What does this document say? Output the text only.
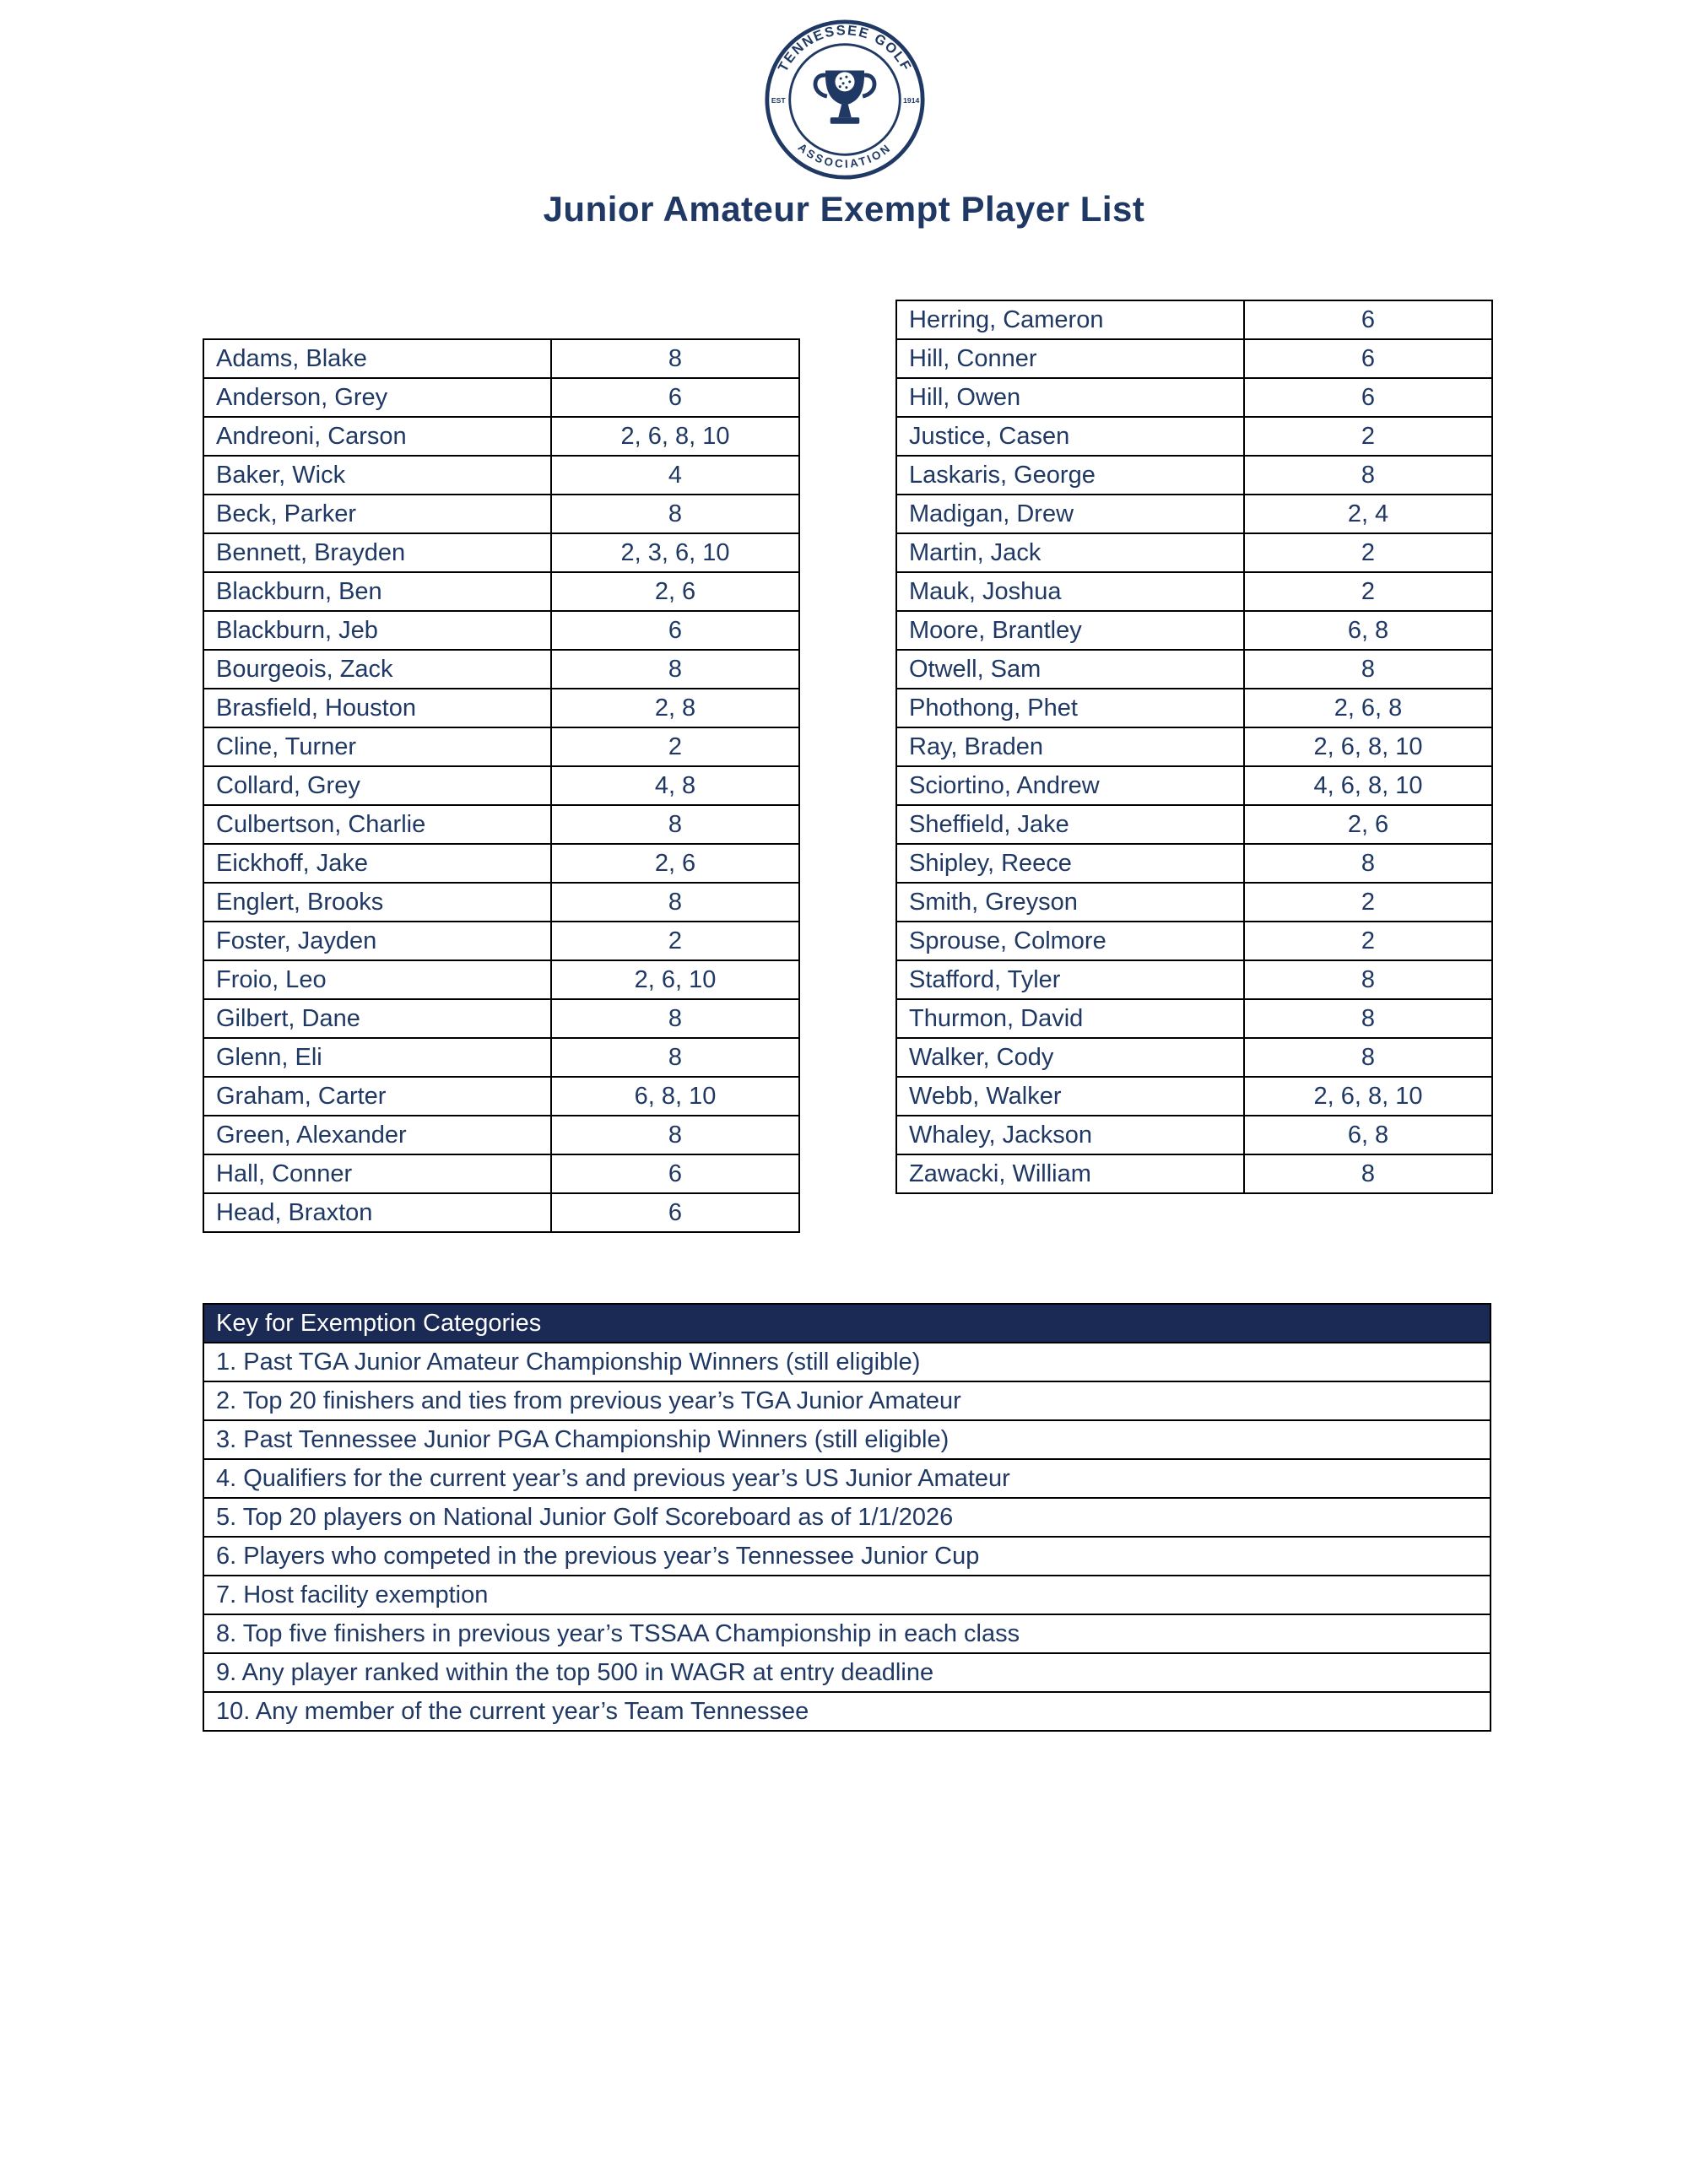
TENNESSEE GOLF
ASSOCIATION
EST	1914
Junior Amateur Exempt Player List
Adams, Blake	8
Anderson, Grey	6
Andreoni, Carson	2, 6, 8, 10
Baker, Wick	4
Beck, Parker	8
Bennett, Brayden	2, 3, 6, 10
Blackburn, Ben	2, 6
Blackburn, Jeb	6
Bourgeois, Zack	8
Brasfield, Houston	2, 8
Cline, Turner	2
Collard, Grey	4, 8
Culbertson, Charlie	8
Eickhoff, Jake	2, 6
Englert, Brooks	8
Foster, Jayden	2
Froio, Leo	2, 6, 10
Gilbert, Dane	8
Glenn, Eli	8
Graham, Carter	6, 8, 10
Green, Alexander	8
Hall, Conner	6
Head, Braxton	6
Herring, Cameron	6
Hill, Conner	6
Hill, Owen	6
Justice, Casen	2
Laskaris, George	8
Madigan, Drew	2, 4
Martin, Jack	2
Mauk, Joshua	2
Moore, Brantley	6, 8
Otwell, Sam	8
Phothong, Phet	2, 6, 8
Ray, Braden	2, 6, 8, 10
Sciortino, Andrew	4, 6, 8, 10
Sheffield, Jake	2, 6
Shipley, Reece	8
Smith, Greyson	2
Sprouse, Colmore	2
Stafford, Tyler	8
Thurmon, David	8
Walker, Cody	8
Webb, Walker	2, 6, 8, 10
Whaley, Jackson	6, 8
Zawacki, William	8
Key for Exemption Categories
1. Past TGA Junior Amateur Championship Winners (still eligible)
2. Top 20 finishers and ties from previous year’s TGA Junior Amateur
3. Past Tennessee Junior PGA Championship Winners (still eligible)
4. Qualifiers for the current year’s and previous year’s US Junior Amateur
5. Top 20 players on National Junior Golf Scoreboard as of 1/1/2026
6. Players who competed in the previous year’s Tennessee Junior Cup
7. Host facility exemption
8. Top five finishers in previous year’s TSSAA Championship in each class
9. Any player ranked within the top 500 in WAGR at entry deadline
10. Any member of the current year’s Team Tennessee
